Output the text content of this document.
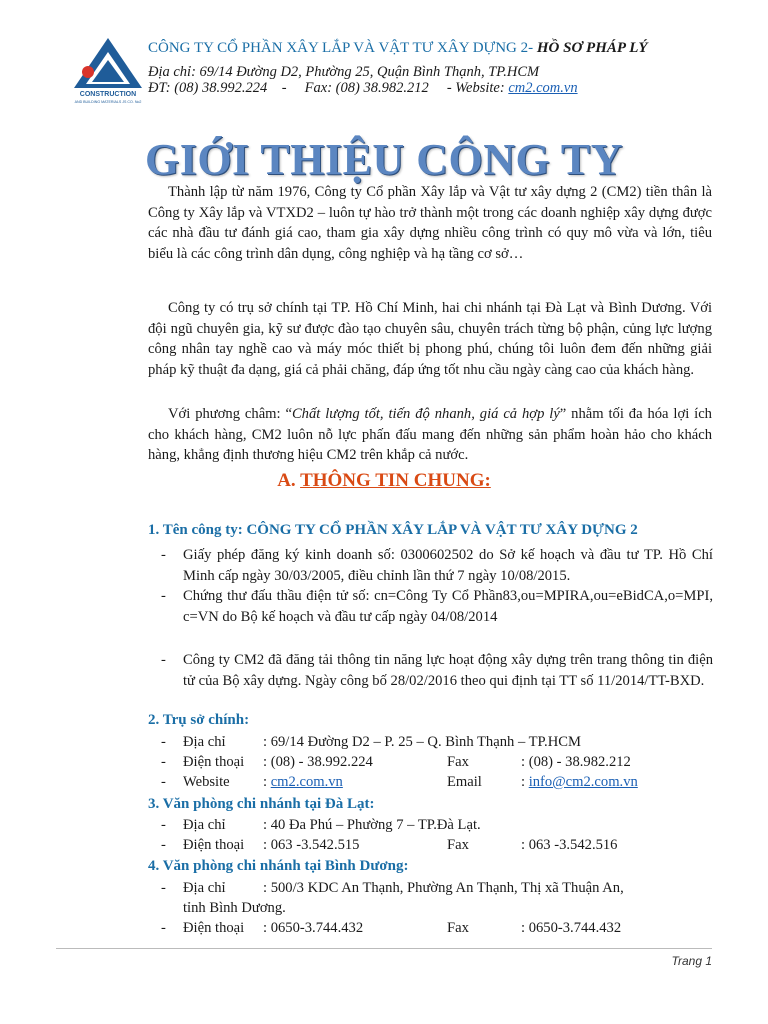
CONSTRUCTION
AND BUILDING MATERIALS JS CO. No2
CÔNG TY CỔ PHẦN XÂY LẮP VÀ VẬT TƯ XÂY DỰNG 2- HỒ SƠ PHÁP LÝ
Địa chỉ: 69/14 Đường D2, Phường 25, Quận Bình Thạnh, TP.HCM
ĐT: (08) 38.992.224    -     Fax: (08) 38.982.212     - Website: cm2.com.vn
GIỚI THIỆU CÔNG TY

Thành lập từ năm 1976, Công ty Cổ phần Xây lắp và Vật tư xây dựng 2 (CM2) tiền thân là Công ty Xây lắp và VTXD2 – luôn tự hào trở thành một trong các doanh nghiệp xây dựng được các nhà đầu tư đánh giá cao, tham gia xây dựng nhiều công trình có quy mô vừa và lớn, tiêu biểu là các công trình dân dụng, công nghiệp và hạ tầng cơ sở…

Công ty có trụ sở chính tại TP. Hồ Chí Minh, hai chi nhánh tại Đà Lạt và Bình Dương. Với đội ngũ chuyên gia, kỹ sư được đào tạo chuyên sâu, chuyên trách từng bộ phận, củng lực lượng công nhân tay nghề cao và máy móc thiết bị phong phú, chúng tôi luôn đem đến những giải pháp kỹ thuật đa dạng, giá cả phải chăng, đáp ứng tốt nhu cầu ngày càng cao của khách hàng.

Với phương châm: “Chất lượng tốt, tiến độ nhanh, giá cả hợp lý” nhằm tối đa hóa lợi ích cho khách hàng, CM2 luôn nỗ lực phấn đấu mang đến những sản phẩm hoàn hảo cho khách hàng, khẳng định thương hiệu CM2 trên khắp cả nước.

A. THÔNG TIN CHUNG:
1. Tên công ty: CÔNG TY CỔ PHẦN XÂY LẮP VÀ VẬT TƯ XÂY DỰNG 2
- Giấy phép đăng ký kinh doanh số: 0300602502 do Sở kế hoạch và đầu tư TP. Hồ Chí Minh cấp ngày 30/03/2005, điều chỉnh lần thứ 7 ngày 10/08/2015.
- Chứng thư đấu thầu điện tử số: cn=Công Ty Cổ Phần83,ou=MPIRA,ou=eBidCA,o=MPI, c=VN do Bộ kế hoạch và đầu tư cấp ngày 04/08/2014
- Công ty CM2 đã đăng tải thông tin năng lực hoạt động xây dựng trên trang thông tin điện tử của Bộ xây dựng. Ngày công bố 28/02/2016 theo qui định tại TT số 11/2014/TT-BXD.
2. Trụ sở chính:
- Địa chỉ	: 69/14 Đường D2 – P. 25 – Q. Bình Thạnh – TP.HCM
- Điện thoại : (08) - 38.992.224	Fax	: (08) - 38.982.212
- Website : cm2.com.vn	Email	: info@cm2.com.vn
3. Văn phòng chi nhánh tại Đà Lạt:
- Địa chỉ	: 40 Đa Phú – Phường 7 – TP.Đà Lạt.
- Điện thoại : 063 -3.542.515	Fax	: 063 -3.542.516
4. Văn phòng chi nhánh tại Bình Dương:
- Địa chỉ	: 500/3 KDC An Thạnh, Phường An Thạnh, Thị xã Thuận An,
tỉnh Bình Dương.
- Điện thoại : 0650-3.744.432	Fax	: 0650-3.744.432
Trang 1
